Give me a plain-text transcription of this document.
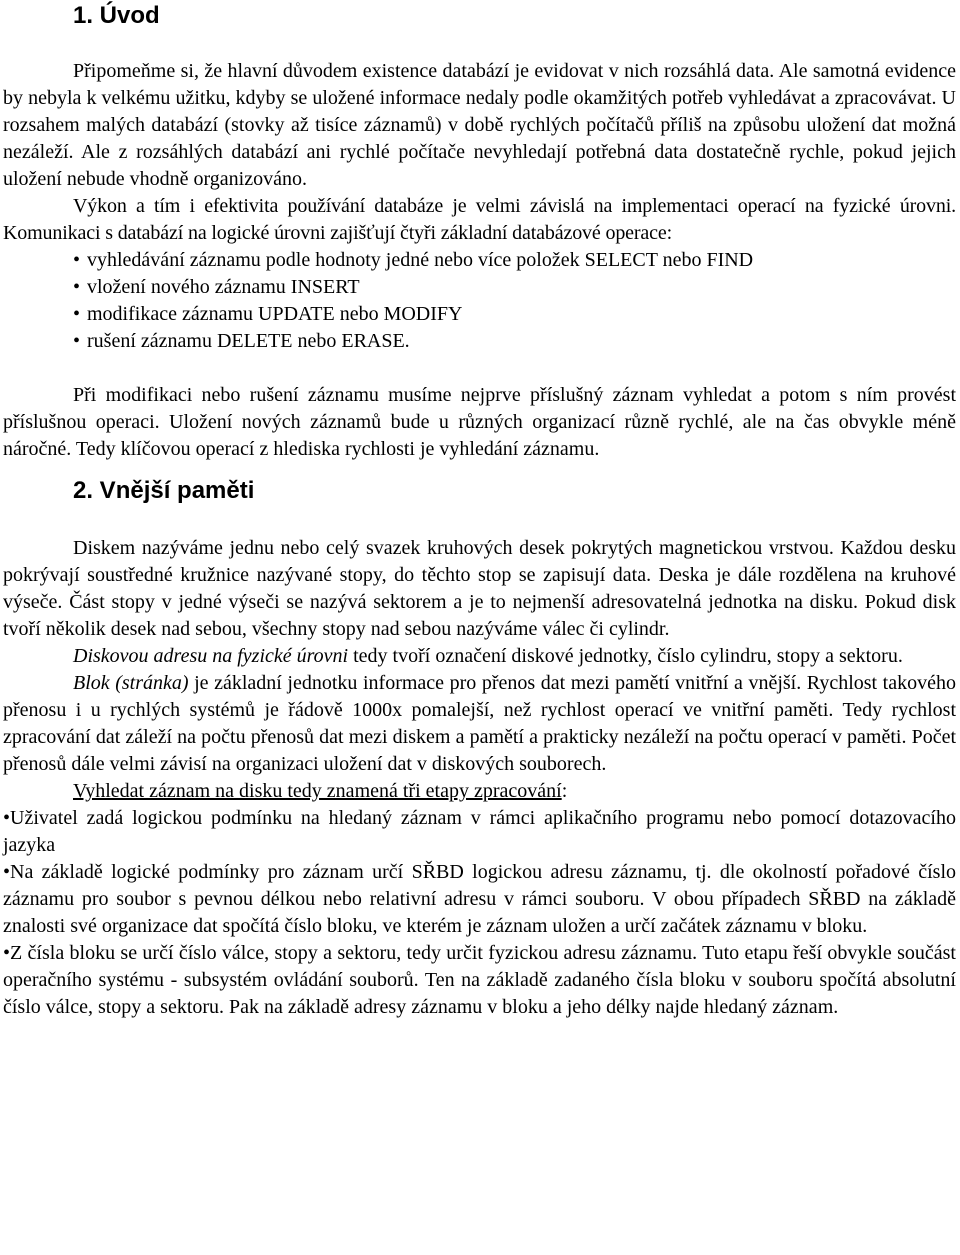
1. Úvod

Připomeňme si, že hlavní důvodem existence databází je evidovat v nich rozsáhlá data. Ale samotná evidence by nebyla k velkému užitku, kdyby se uložené informace nedaly podle okamžitých potřeb vyhledávat a zpracovávat. U rozsahem malých databází (stovky až tisíce záznamů) v době rychlých počítačů příliš na způsobu uložení dat možná nezáleží. Ale z rozsáhlých databází ani rychlé počítače nevyhledají potřebná data dostatečně rychle, pokud jejich uložení nebude vhodně organizováno.

Výkon a tím i efektivita používání databáze je velmi závislá na implementaci operací na fyzické úrovni. Komunikaci s databází na logické úrovni zajišťují čtyři základní databázové operace:

• vyhledávání záznamu podle hodnoty jedné nebo více položek SELECT nebo FIND
• vložení nového záznamu INSERT
• modifikace záznamu UPDATE nebo MODIFY
• rušení záznamu DELETE nebo ERASE.

Při modifikaci nebo rušení záznamu musíme nejprve příslušný záznam vyhledat a potom s ním provést příslušnou operaci. Uložení nových záznamů bude u různých organizací různě rychlé, ale na čas obvykle méně náročné. Tedy klíčovou operací z hlediska rychlosti je vyhledání záznamu.

2. Vnější paměti

Diskem nazýváme jednu nebo celý svazek kruhových desek pokrytých magnetickou vrstvou. Každou desku pokrývají soustředné kružnice nazývané stopy, do těchto stop se zapisují data. Deska je dále rozdělena na kruhové výseče. Část stopy v jedné výseči se nazývá sektorem a je to nejmenší adresovatelná jednotka na disku. Pokud disk tvoří několik desek nad sebou, všechny stopy nad sebou nazýváme válec či cylindr.

Diskovou adresu na fyzické úrovni tedy tvoří označení diskové jednotky, číslo cylindru, stopy a sektoru.

Blok (stránka) je základní jednotku informace pro přenos dat mezi pamětí vnitřní a vnější. Rychlost takového přenosu i u rychlých systémů je řádově 1000x pomalejší, než rychlost operací ve vnitřní paměti. Tedy rychlost zpracování dat záleží na počtu přenosů dat mezi diskem a pamětí a prakticky nezáleží na počtu operací v paměti. Počet přenosů dále velmi závisí na organizaci uložení dat v diskových souborech.

Vyhledat záznam na disku tedy znamená tři etapy zpracování:

•Uživatel zadá logickou podmínku na hledaný záznam v rámci aplikačního programu nebo pomocí dotazovacího jazyka
•Na základě logické podmínky pro záznam určí SŘBD logickou adresu záznamu, tj. dle okolností pořadové číslo záznamu pro soubor s pevnou délkou nebo relativní adresu v rámci souboru. V obou případech SŘBD na základě znalosti své organizace dat spočítá číslo bloku, ve kterém je záznam uložen a určí začátek záznamu v bloku.
•Z čísla bloku se určí číslo válce, stopy a sektoru, tedy určit fyzickou adresu záznamu. Tuto etapu řeší obvykle součást operačního systému - subsystém ovládání souborů. Ten na základě zadaného čísla bloku v souboru spočítá absolutní číslo válce, stopy a sektoru. Pak na základě adresy záznamu v bloku a jeho délky najde hledaný záznam.
